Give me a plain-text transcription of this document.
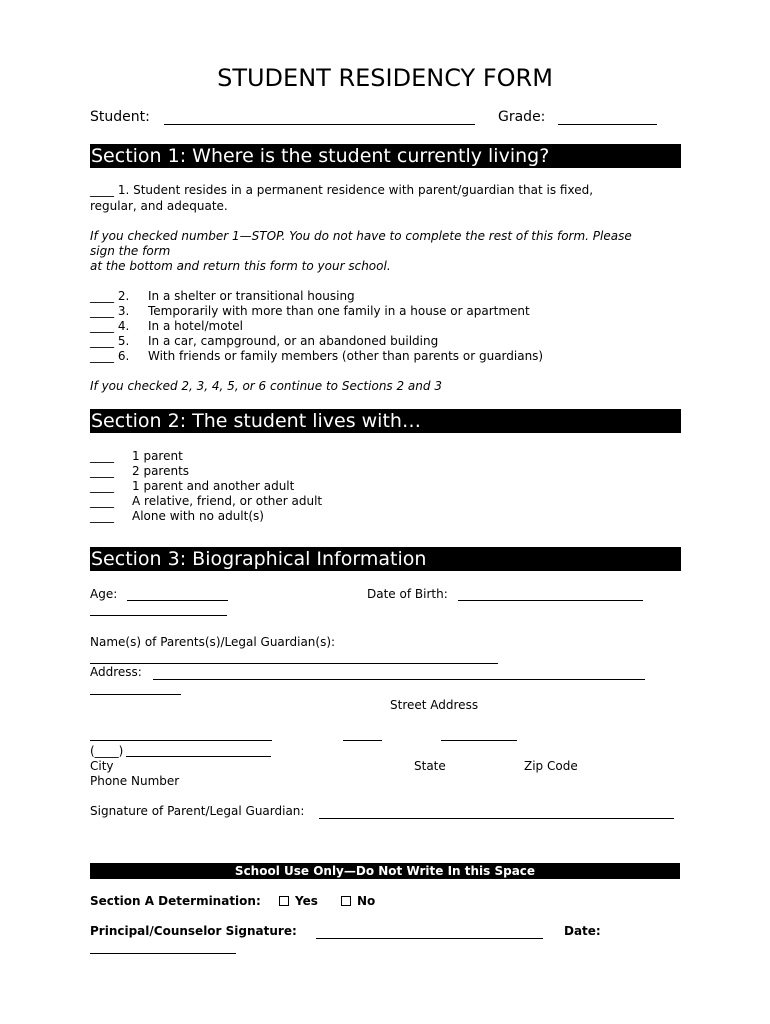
STUDENT RESIDENCY FORM
Student:	Grade:
Section 1: Where is the student currently living?
____ 1. Student resides in a permanent residence with parent/guardian that is fixed,
regular, and adequate.
If you checked number 1—STOP. You do not have to complete the rest of this form. Please
sign the form
at the bottom and return this form to your school.
____ 2. In a shelter or transitional housing
____ 3. Temporarily with more than one family in a house or apartment
____ 4. In a hotel/motel
____ 5. In a car, campground, or an abandoned building
____ 6. With friends or family members (other than parents or guardians)
If you checked 2, 3, 4, 5, or 6 continue to Sections 2 and 3
Section 2: The student lives with…
____ 1 parent
____ 2 parents
____ 1 parent and another adult
____ A relative, friend, or other adult
____ Alone with no adult(s)
Section 3: Biographical Information
Age:	Date of Birth:
Name(s) of Parents(s)/Legal Guardian(s):
Address:
Street Address
(____)
City	State	Zip Code
Phone Number
Signature of Parent/Legal Guardian:
School Use Only—Do Not Write In this Space
Section A Determination:	Yes	No
Principal/Counselor Signature:	Date:
